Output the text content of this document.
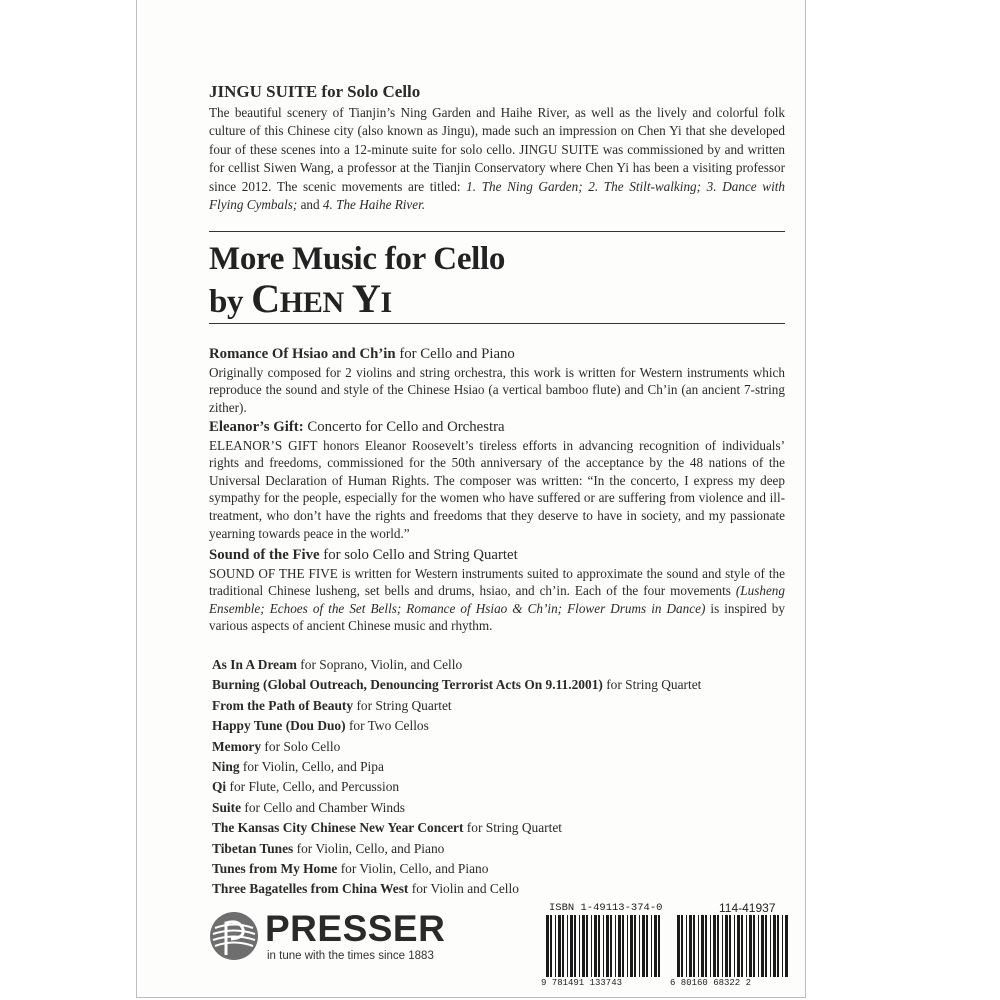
JINGU SUITE for Solo Cello
The beautiful scenery of Tianjin’s Ning Garden and Haihe River, as well as the lively and colorful folk culture of this Chinese city (also known as Jingu), made such an impression on Chen Yi that she developed four of these scenes into a 12-minute suite for solo cello. JINGU SUITE was commissioned by and written for cellist Siwen Wang, a professor at the Tianjin Conservatory where Chen Yi has been a visiting professor since 2012. The scenic movements are titled: 1. The Ning Garden; 2. The Stilt-walking; 3. Dance with Flying Cymbals; and 4. The Haihe River.
More Music for Cello
by CHEN YI
Romance Of Hsiao and Ch’in for Cello and Piano
Originally composed for 2 violins and string orchestra, this work is written for Western instruments which reproduce the sound and style of the Chinese Hsiao (a vertical bamboo flute) and Ch’in (an ancient 7-string zither).
Eleanor’s Gift: Concerto for Cello and Orchestra
ELEANOR’S GIFT honors Eleanor Roosevelt’s tireless efforts in advancing recognition of individuals’ rights and freedoms, commissioned for the 50th anniversary of the acceptance by the 48 nations of the Universal Declaration of Human Rights. The composer was written: “In the concerto, I express my deep sympathy for the people, especially for the women who have suffered or are suffering from violence and ill-treatment, who don’t have the rights and freedoms that they deserve to have in society, and my passionate yearning towards peace in the world.”
Sound of the Five for solo Cello and String Quartet
SOUND OF THE FIVE is written for Western instruments suited to approximate the sound and style of the traditional Chinese lusheng, set bells and drums, hsiao, and ch’in. Each of the four movements (Lusheng Ensemble; Echoes of the Set Bells; Romance of Hsiao & Ch’in; Flower Drums in Dance) is inspired by various aspects of ancient Chinese music and rhythm.
As In A Dream for Soprano, Violin, and Cello
Burning (Global Outreach, Denouncing Terrorist Acts On 9.11.2001) for String Quartet
From the Path of Beauty for String Quartet
Happy Tune (Dou Duo) for Two Cellos
Memory for Solo Cello
Ning for Violin, Cello, and Pipa
Qi for Flute, Cello, and Percussion
Suite for Cello and Chamber Winds
The Kansas City Chinese New Year Concert for String Quartet
Tibetan Tunes for Violin, Cello, and Piano
Tunes from My Home for Violin, Cello, and Piano
Three Bagatelles from China West for Violin and Cello
PRESSER
in tune with the times since 1883
ISBN 1-49113-374-0	114-41937
9 781491 133743	6 80160 68322 2
